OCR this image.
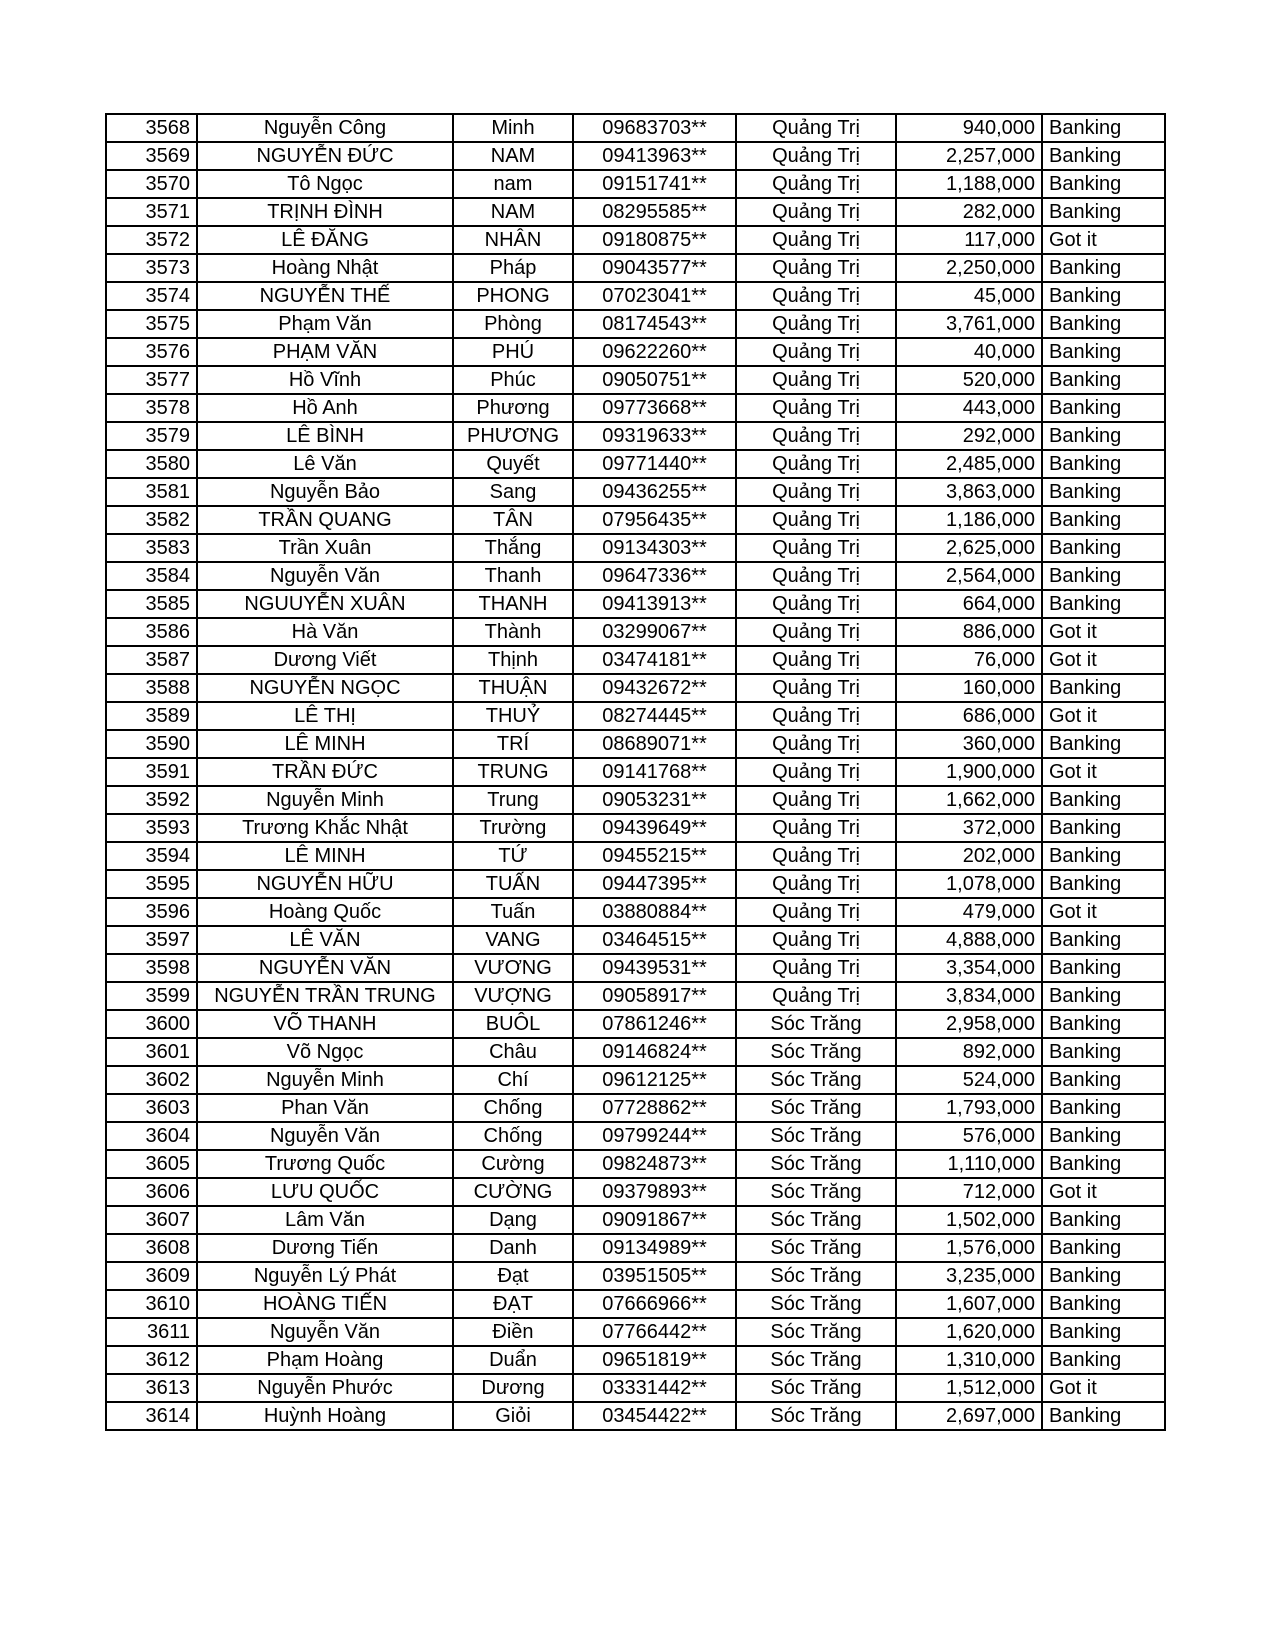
3568	Nguyễn Công	Minh	09683703**	Quảng Trị	940,000	Banking
3569	NGUYỄN ĐỨC	NAM	09413963**	Quảng Trị	2,257,000	Banking
3570	Tô Ngọc	nam	09151741**	Quảng Trị	1,188,000	Banking
3571	TRỊNH ĐÌNH	NAM	08295585**	Quảng Trị	282,000	Banking
3572	LÊ ĐĂNG	NHÂN	09180875**	Quảng Trị	117,000	Got it
3573	Hoàng Nhật	Pháp	09043577**	Quảng Trị	2,250,000	Banking
3574	NGUYỄN THẾ	PHONG	07023041**	Quảng Trị	45,000	Banking
3575	Phạm Văn	Phòng	08174543**	Quảng Trị	3,761,000	Banking
3576	PHẠM VĂN	PHÚ	09622260**	Quảng Trị	40,000	Banking
3577	Hồ Vĩnh	Phúc	09050751**	Quảng Trị	520,000	Banking
3578	Hồ Anh	Phương	09773668**	Quảng Trị	443,000	Banking
3579	LÊ BÌNH	PHƯƠNG	09319633**	Quảng Trị	292,000	Banking
3580	Lê Văn	Quyết	09771440**	Quảng Trị	2,485,000	Banking
3581	Nguyễn Bảo	Sang	09436255**	Quảng Trị	3,863,000	Banking
3582	TRẦN QUANG	TÂN	07956435**	Quảng Trị	1,186,000	Banking
3583	Trần Xuân	Thắng	09134303**	Quảng Trị	2,625,000	Banking
3584	Nguyễn Văn	Thanh	09647336**	Quảng Trị	2,564,000	Banking
3585	NGUUYỄN XUÂN	THANH	09413913**	Quảng Trị	664,000	Banking
3586	Hà Văn	Thành	03299067**	Quảng Trị	886,000	Got it
3587	Dương Viết	Thịnh	03474181**	Quảng Trị	76,000	Got it
3588	NGUYỄN NGỌC	THUẬN	09432672**	Quảng Trị	160,000	Banking
3589	LÊ THỊ	THUỶ	08274445**	Quảng Trị	686,000	Got it
3590	LÊ MINH	TRÍ	08689071**	Quảng Trị	360,000	Banking
3591	TRẦN ĐỨC	TRUNG	09141768**	Quảng Trị	1,900,000	Got it
3592	Nguyễn Minh	Trung	09053231**	Quảng Trị	1,662,000	Banking
3593	Trương Khắc Nhật	Trường	09439649**	Quảng Trị	372,000	Banking
3594	LÊ MINH	TỨ	09455215**	Quảng Trị	202,000	Banking
3595	NGUYỄN HỮU	TUẤN	09447395**	Quảng Trị	1,078,000	Banking
3596	Hoàng Quốc	Tuấn	03880884**	Quảng Trị	479,000	Got it
3597	LÊ VĂN	VANG	03464515**	Quảng Trị	4,888,000	Banking
3598	NGUYỄN VĂN	VƯƠNG	09439531**	Quảng Trị	3,354,000	Banking
3599	NGUYỄN TRẦN TRUNG	VƯỢNG	09058917**	Quảng Trị	3,834,000	Banking
3600	VÕ THANH	BUÔL	07861246**	Sóc Trăng	2,958,000	Banking
3601	Võ Ngọc	Châu	09146824**	Sóc Trăng	892,000	Banking
3602	Nguyễn Minh	Chí	09612125**	Sóc Trăng	524,000	Banking
3603	Phan Văn	Chống	07728862**	Sóc Trăng	1,793,000	Banking
3604	Nguyễn Văn	Chống	09799244**	Sóc Trăng	576,000	Banking
3605	Trương Quốc	Cường	09824873**	Sóc Trăng	1,110,000	Banking
3606	LƯU QUỐC	CƯỜNG	09379893**	Sóc Trăng	712,000	Got it
3607	Lâm Văn	Dạng	09091867**	Sóc Trăng	1,502,000	Banking
3608	Dương Tiến	Danh	09134989**	Sóc Trăng	1,576,000	Banking
3609	Nguyễn Lý Phát	Đạt	03951505**	Sóc Trăng	3,235,000	Banking
3610	HOÀNG TIẾN	ĐẠT	07666966**	Sóc Trăng	1,607,000	Banking
3611	Nguyễn Văn	Điền	07766442**	Sóc Trăng	1,620,000	Banking
3612	Phạm Hoàng	Duẩn	09651819**	Sóc Trăng	1,310,000	Banking
3613	Nguyễn Phước	Dương	03331442**	Sóc Trăng	1,512,000	Got it
3614	Huỳnh Hoàng	Giỏi	03454422**	Sóc Trăng	2,697,000	Banking
